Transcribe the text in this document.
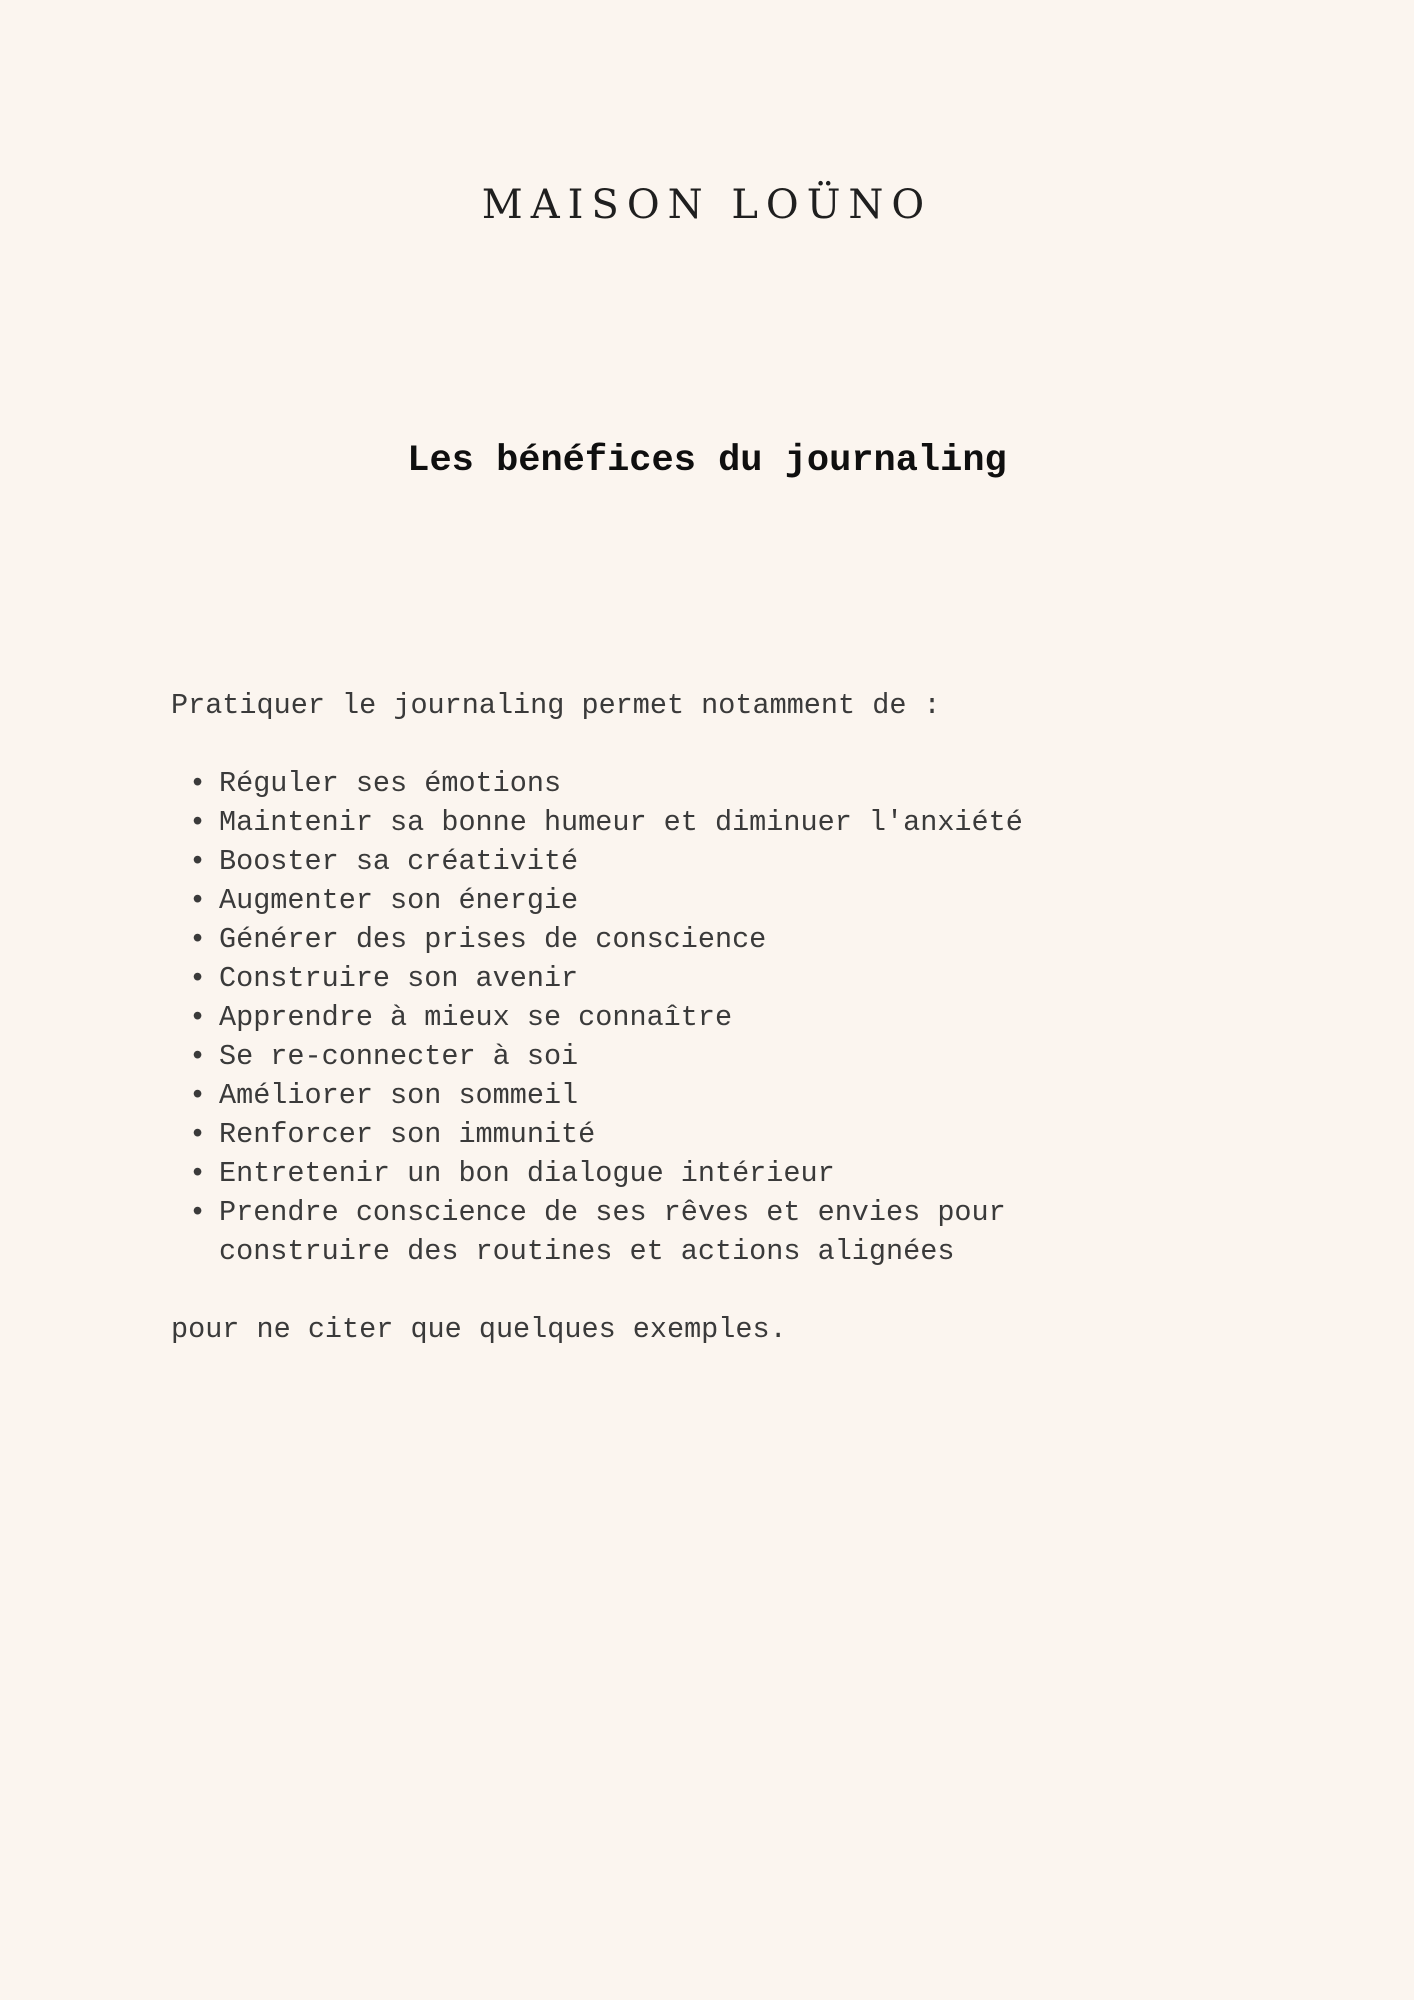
MAISON LOÜNO
Les bénéfices du journaling

Pratiquer le journaling permet notamment de :

• Réguler ses émotions
• Maintenir sa bonne humeur et diminuer l'anxiété
• Booster sa créativité
• Augmenter son énergie
• Générer des prises de conscience
• Construire son avenir
• Apprendre à mieux se connaître
• Se re-connecter à soi
• Améliorer son sommeil
• Renforcer son immunité
• Entretenir un bon dialogue intérieur
• Prendre conscience de ses rêves et envies pour construire des routines et actions alignées

pour ne citer que quelques exemples.
